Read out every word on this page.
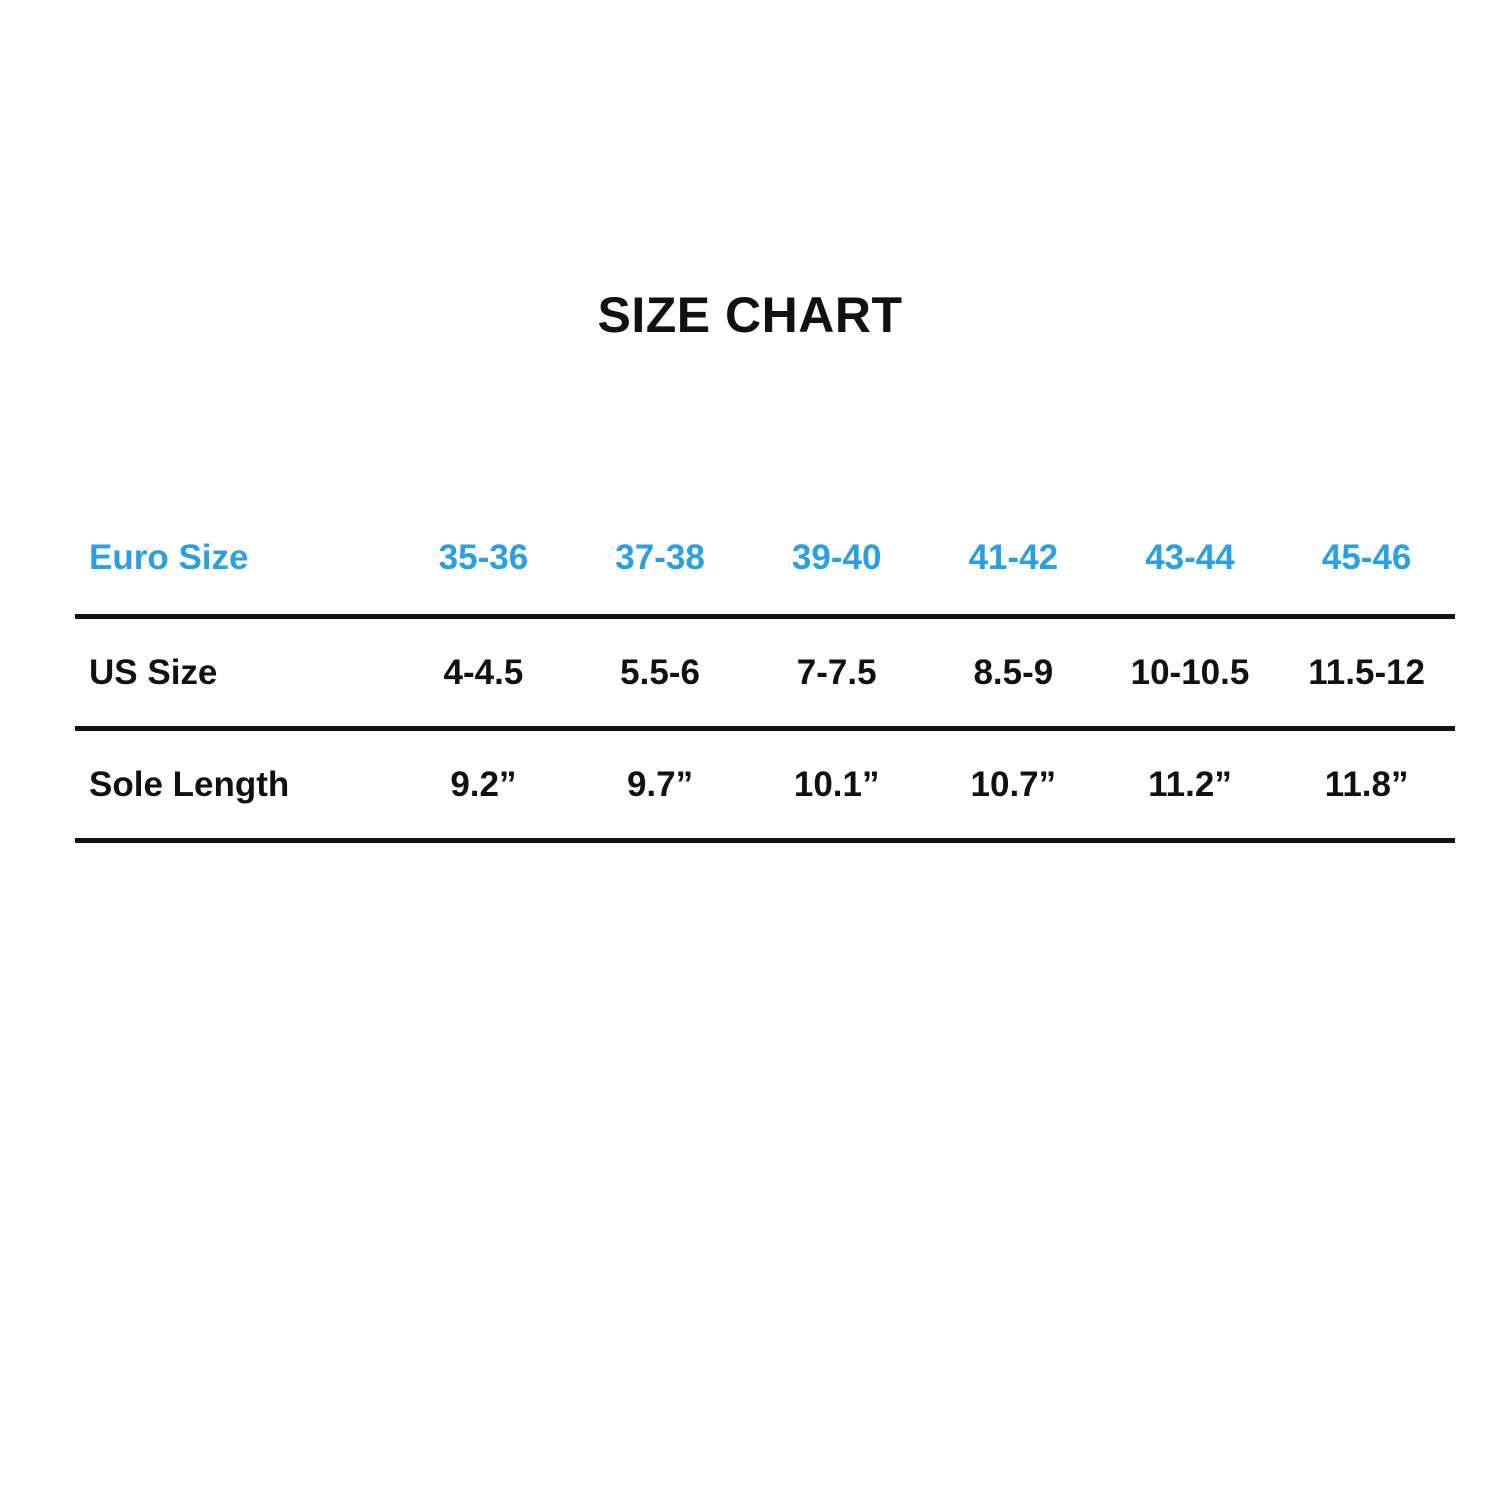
SIZE CHART
Euro Size	35-36	37-38	39-40	41-42	43-44	45-46
US Size	4-4.5	5.5-6	7-7.5	8.5-9	10-10.5	11.5-12
Sole Length	9.2”	9.7”	10.1”	10.7”	11.2”	11.8”
